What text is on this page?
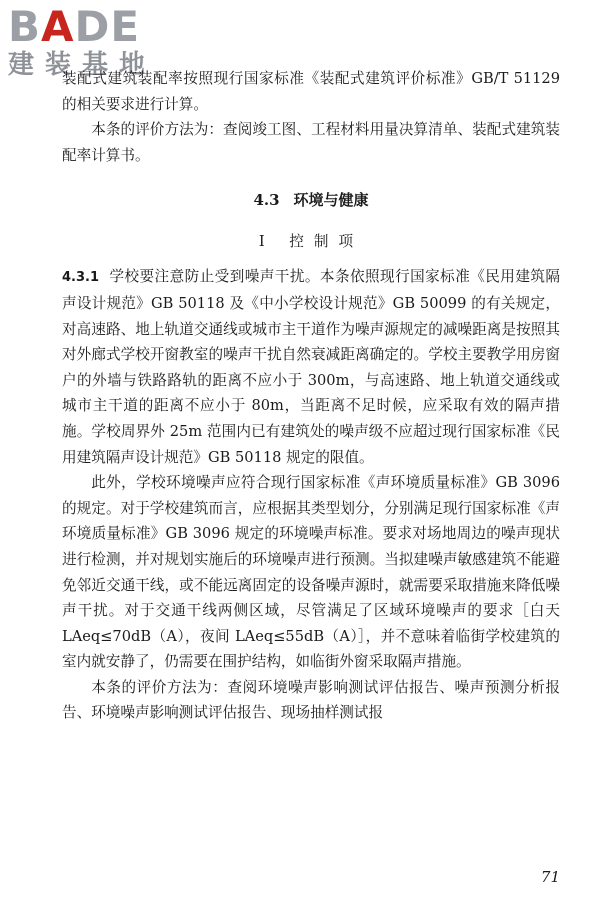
BADE
建装基地

装配式建筑装配率按照现行国家标准《装配式建筑评价标准》GB/T 51129 的相关要求进行计算。

本条的评价方法为：查阅竣工图、工程材料用量决算清单、装配式建筑装配率计算书。

4.3 环境与健康
Ⅰ 控制项

4.3.1 学校要注意防止受到噪声干扰。本条依照现行国家标准《民用建筑隔声设计规范》GB 50118 及《中小学校设计规范》GB 50099 的有关规定，对高速路、地上轨道交通线或城市主干道作为噪声源规定的减噪距离是按照其对外廊式学校开窗教室的噪声干扰自然衰减距离确定的。学校主要教学用房窗户的外墙与铁路路轨的距离不应小于 300m，与高速路、地上轨道交通线或城市主干道的距离不应小于 80m，当距离不足时候，应采取有效的隔声措施。学校周界外 25m 范围内已有建筑处的噪声级不应超过现行国家标准《民用建筑隔声设计规范》GB 50118 规定的限值。

此外，学校环境噪声应符合现行国家标准《声环境质量标准》GB 3096 的规定。对于学校建筑而言，应根据其类型划分，分别满足现行国家标准《声环境质量标准》GB 3096 规定的环境噪声标准。要求对场地周边的噪声现状进行检测，并对规划实施后的环境噪声进行预测。当拟建噪声敏感建筑不能避免邻近交通干线，或不能远离固定的设备噪声源时，就需要采取措施来降低噪声干扰。对于交通干线两侧区域，尽管满足了区域环境噪声的要求［白天 LAeq≤70dB（A），夜间 LAeq≤55dB（A）］，并不意味着临街学校建筑的室内就安静了，仍需要在围护结构，如临街外窗采取隔声措施。

本条的评价方法为：查阅环境噪声影响测试评估报告、噪声预测分析报告、环境噪声影响测试评估报告、现场抽样测试报

71
